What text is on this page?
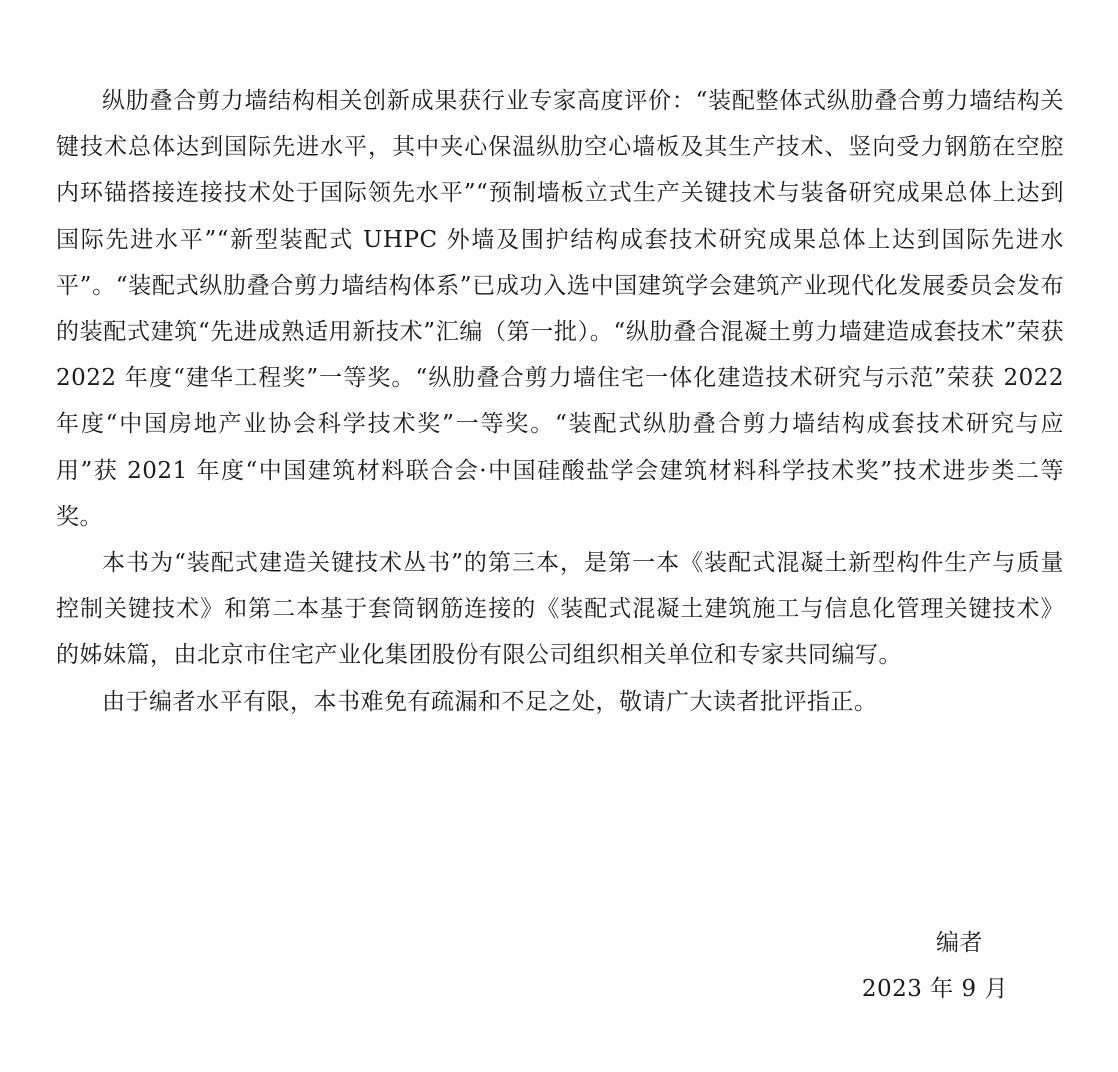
纵肋叠合剪力墙结构相关创新成果获行业专家高度评价：“装配整体式纵肋叠合剪力墙结构关键技术总体达到国际先进水平，其中夹心保温纵肋空心墙板及其生产技术、竖向受力钢筋在空腔内环锚搭接连接技术处于国际领先水平”“预制墙板立式生产关键技术与装备研究成果总体上达到国际先进水平”“新型装配式 UHPC 外墙及围护结构成套技术研究成果总体上达到国际先进水平”。“装配式纵肋叠合剪力墙结构体系”已成功入选中国建筑学会建筑产业现代化发展委员会发布的装配式建筑“先进成熟适用新技术”汇编（第一批）。“纵肋叠合混凝土剪力墙建造成套技术”荣获 2022 年度“建华工程奖”一等奖。“纵肋叠合剪力墙住宅一体化建造技术研究与示范”荣获 2022 年度“中国房地产业协会科学技术奖”一等奖。“装配式纵肋叠合剪力墙结构成套技术研究与应用”获 2021 年度“中国建筑材料联合会·中国硅酸盐学会建筑材料科学技术奖”技术进步类二等奖。

本书为“装配式建造关键技术丛书”的第三本，是第一本《装配式混凝土新型构件生产与质量控制关键技术》和第二本基于套筒钢筋连接的《装配式混凝土建筑施工与信息化管理关键技术》的姊妹篇，由北京市住宅产业化集团股份有限公司组织相关单位和专家共同编写。

由于编者水平有限，本书难免有疏漏和不足之处，敬请广大读者批评指正。

编者
2023 年 9 月
